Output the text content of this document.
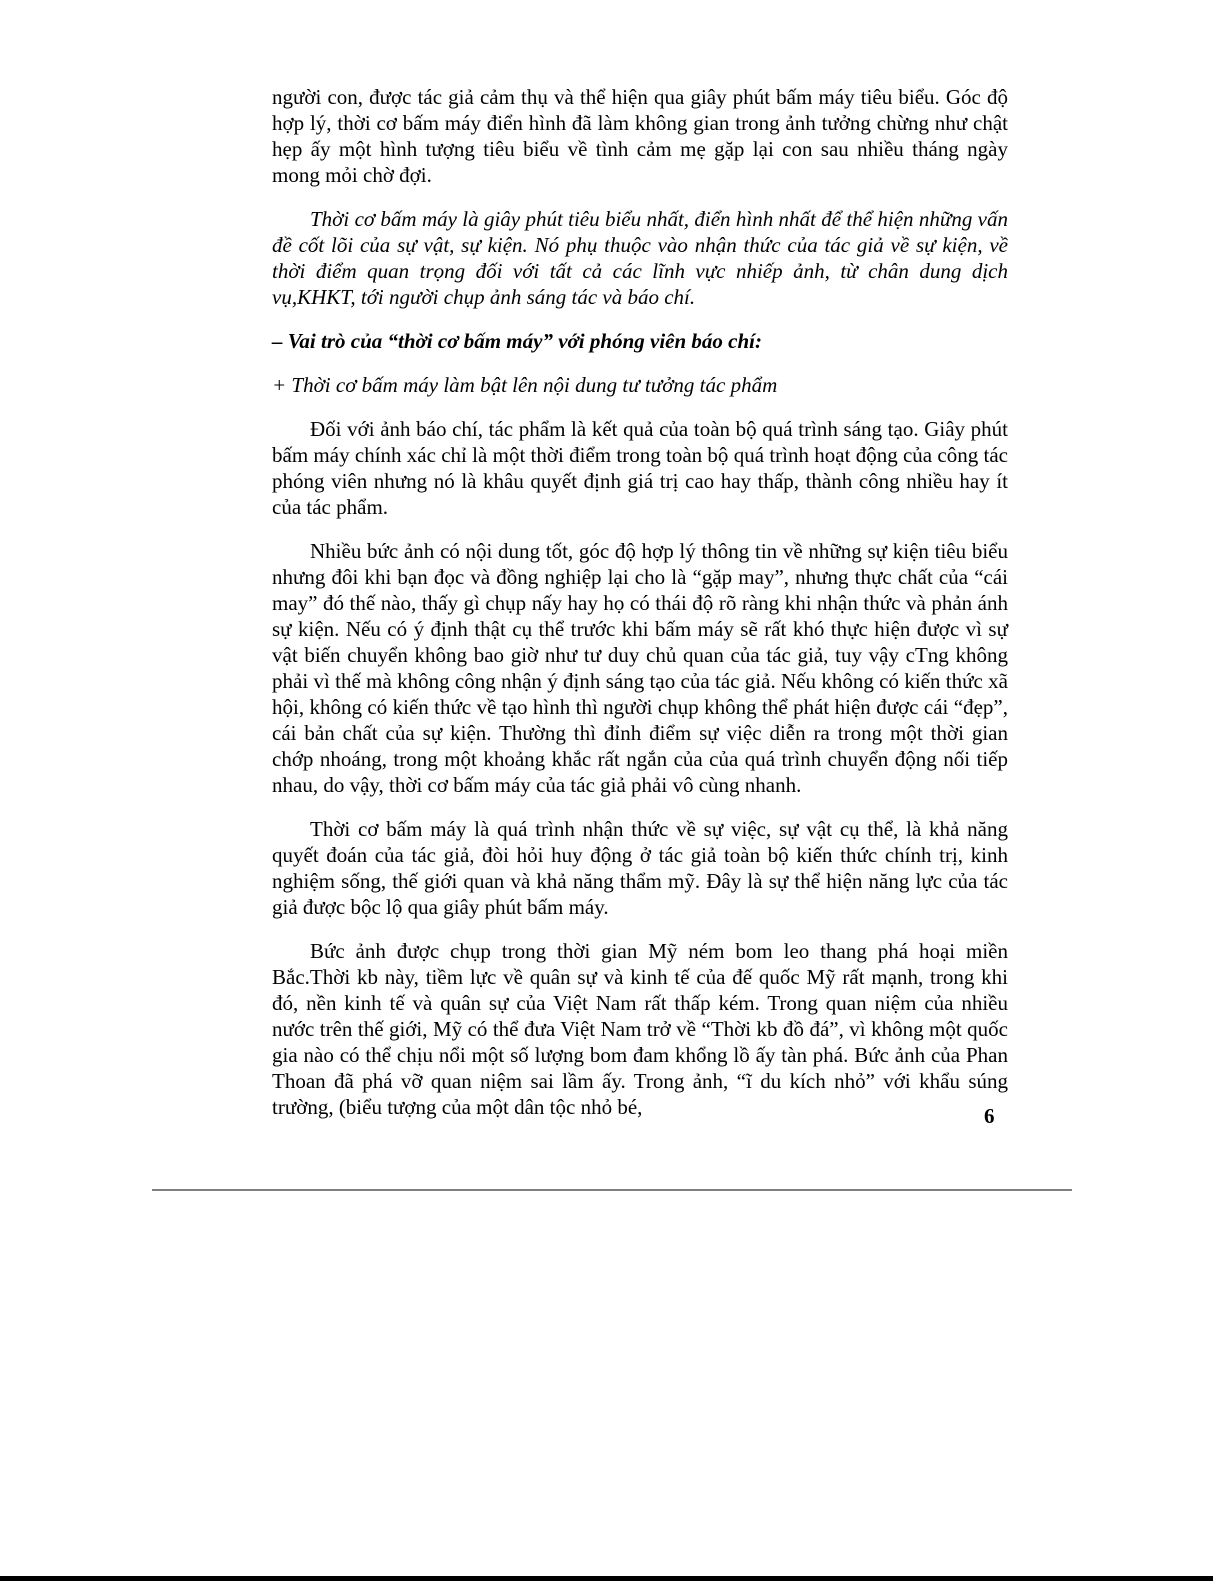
người con, được tác giả cảm thụ và thể hiện qua giây phút bấm máy tiêu biểu. Góc độ hợp lý, thời cơ bấm máy điển hình đã làm không gian trong ảnh tưởng chừng như chật hẹp ấy một hình tượng tiêu biểu về tình cảm mẹ gặp lại con sau nhiều tháng ngày mong mỏi chờ đợi.

Thời cơ bấm máy là giây phút tiêu biểu nhất, điển hình nhất để thể hiện những vấn đề cốt lõi của sự vật, sự kiện. Nó phụ thuộc vào nhận thức của tác giả về sự kiện, về thời điểm quan trọng đối với tất cả các lĩnh vực nhiếp ảnh, từ chân dung dịch vụ,KHKT, tới người chụp ảnh sáng tác và báo chí.

– Vai trò của “thời cơ bấm máy” với phóng viên báo chí:

+ Thời cơ bấm máy làm bật lên nội dung tư tưởng tác phẩm

Đối với ảnh báo chí, tác phẩm là kết quả của toàn bộ quá trình sáng tạo. Giây phút bấm máy chính xác chỉ là một thời điểm trong toàn bộ quá trình hoạt động của công tác phóng viên nhưng nó là khâu quyết định giá trị cao hay thấp, thành công nhiều hay ít của tác phẩm.

Nhiều bức ảnh có nội dung tốt, góc độ hợp lý thông tin về những sự kiện tiêu biểu nhưng đôi khi bạn đọc và đồng nghiệp lại cho là “gặp may”, nhưng thực chất của “cái may” đó thế nào, thấy gì chụp nấy hay họ có thái độ rõ ràng khi nhận thức và phản ánh sự kiện. Nếu có ý định thật cụ thể trước khi bấm máy sẽ rất khó thực hiện được vì sự vật biến chuyển không bao giờ như tư duy chủ quan của tác giả, tuy vậy cTng không phải vì thế mà không công nhận ý định sáng tạo của tác giả. Nếu không có kiến thức xã hội, không có kiến thức về tạo hình thì người chụp không thể phát hiện được cái “đẹp”, cái bản chất của sự kiện. Thường thì đỉnh điểm sự việc diễn ra trong một thời gian chớp nhoáng, trong một khoảng khắc rất ngắn của của quá trình chuyển động nối tiếp nhau, do vậy, thời cơ bấm máy của tác giả phải vô cùng nhanh.

Thời cơ bấm máy là quá trình nhận thức về sự việc, sự vật cụ thể, là khả năng quyết đoán của tác giả, đòi hỏi huy động ở tác giả toàn bộ kiến thức chính trị, kinh nghiệm sống, thế giới quan và khả năng thẩm mỹ. Đây là sự thể hiện năng lực của tác giả được bộc lộ qua giây phút bấm máy.

Bức ảnh được chụp trong thời gian Mỹ ném bom leo thang phá hoại miền Bắc.Thời kb này, tiềm lực về quân sự và kinh tế của đế quốc Mỹ rất mạnh, trong khi đó, nền kinh tế và quân sự của Việt Nam rất thấp kém. Trong quan niệm của nhiều nước trên thế giới, Mỹ có thể đưa Việt Nam trở về “Thời kb đồ đá”, vì không một quốc gia nào có thể chịu nổi một số lượng bom đam khổng lồ ấy tàn phá. Bức ảnh của Phan Thoan đã phá vỡ quan niệm sai lầm ấy. Trong ảnh, “ĩ du kích nhỏ” với khẩu súng trường, (biểu tượng của một dân tộc nhỏ bé,	6
